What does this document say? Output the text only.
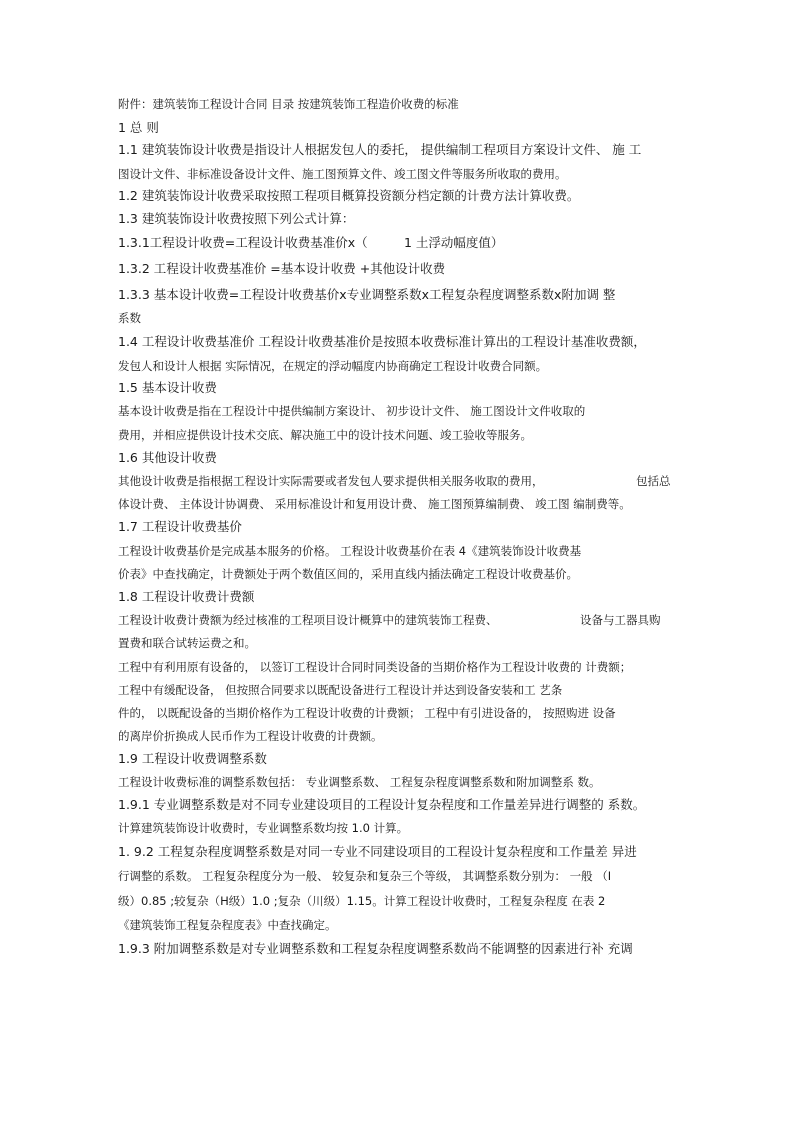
附件：建筑装饰工程设计合同 目录 按建筑装饰工程造价收费的标准
1 总 则
1.1 建筑装饰设计收费是指设计人根据发包人的委托， 提供编制工程项目方案设计文件、 施 工
图设计文件、非标准设备设计文件、施工图预算文件、竣工图文件等服务所收取的费用。
1.2 建筑装饰设计收费采取按照工程项目概算投资额分档定额的计费方法计算收费。
1.3 建筑装饰设计收费按照下列公式计算：
1.3.1工程设计收费=工程设计收费基准价x（	1 土浮动幅度值）
1.3.2 工程设计收费基准价 =基本设计收费 +其他设计收费
1.3.3 基本设计收费=工程设计收费基价x专业调整系数x工程复杂程度调整系数x附加调 整
系数
1.4 工程设计收费基准价 工程设计收费基准价是按照本收费标准计算出的工程设计基准收费额，
发包人和设计人根据 实际情况，在规定的浮动幅度内协商确定工程设计收费合同额。
1.5 基本设计收费
基本设计收费是指在工程设计中提供编制方案设计、 初步设计文件、 施工图设计文件收取的
费用，并相应提供设计技术交底、解决施工中的设计技术问题、竣工验收等服务。
1.6 其他设计收费
其他设计收费是指根据工程设计实际需要或者发包人要求提供相关服务收取的费用，	包括总
体设计费、 主体设计协调费、 采用标准设计和复用设计费、 施工图预算编制费、 竣工图 编制费等。
1.7 工程设计收费基价
工程设计收费基价是完成基本服务的价格。 工程设计收费基价在表 4《建筑装饰设计收费基
价表》中查找确定，计费额处于两个数值区间的，采用直线内插法确定工程设计收费基价。
1.8 工程设计收费计费额
工程设计收费计费额为经过核准的工程项目设计概算中的建筑装饰工程费、	设备与工器具购
置费和联合试转运费之和。
工程中有利用原有设备的， 以签订工程设计合同时同类设备的当期价格作为工程设计收费的 计费额；
工程中有缓配设备， 但按照合同要求以既配设备进行工程设计并达到设备安装和工 艺条
件的， 以既配设备的当期价格作为工程设计收费的计费额； 工程中有引进设备的， 按照购进 设备
的离岸价折换成人民币作为工程设计收费的计费额。
1.9 工程设计收费调整系数
工程设计收费标准的调整系数包括： 专业调整系数、 工程复杂程度调整系数和附加调整系 数。
1.9.1 专业调整系数是对不同专业建设项目的工程设计复杂程度和工作量差异进行调整的 系数。
计算建筑装饰设计收费时，专业调整系数均按 1.0 计算。
1. 9.2 工程复杂程度调整系数是对同一专业不同建设项目的工程设计复杂程度和工作量差 异进
行调整的系数。 工程复杂程度分为一般、 较复杂和复杂三个等级， 其调整系数分别为： 一般 （I
级）0.85 ;较复杂（H级）1.0 ;复杂（川级）1.15。计算工程设计收费时，工程复杂程度 在表 2
《建筑装饰工程复杂程度表》中查找确定。
1.9.3 附加调整系数是对专业调整系数和工程复杂程度调整系数尚不能调整的因素进行补 充调
